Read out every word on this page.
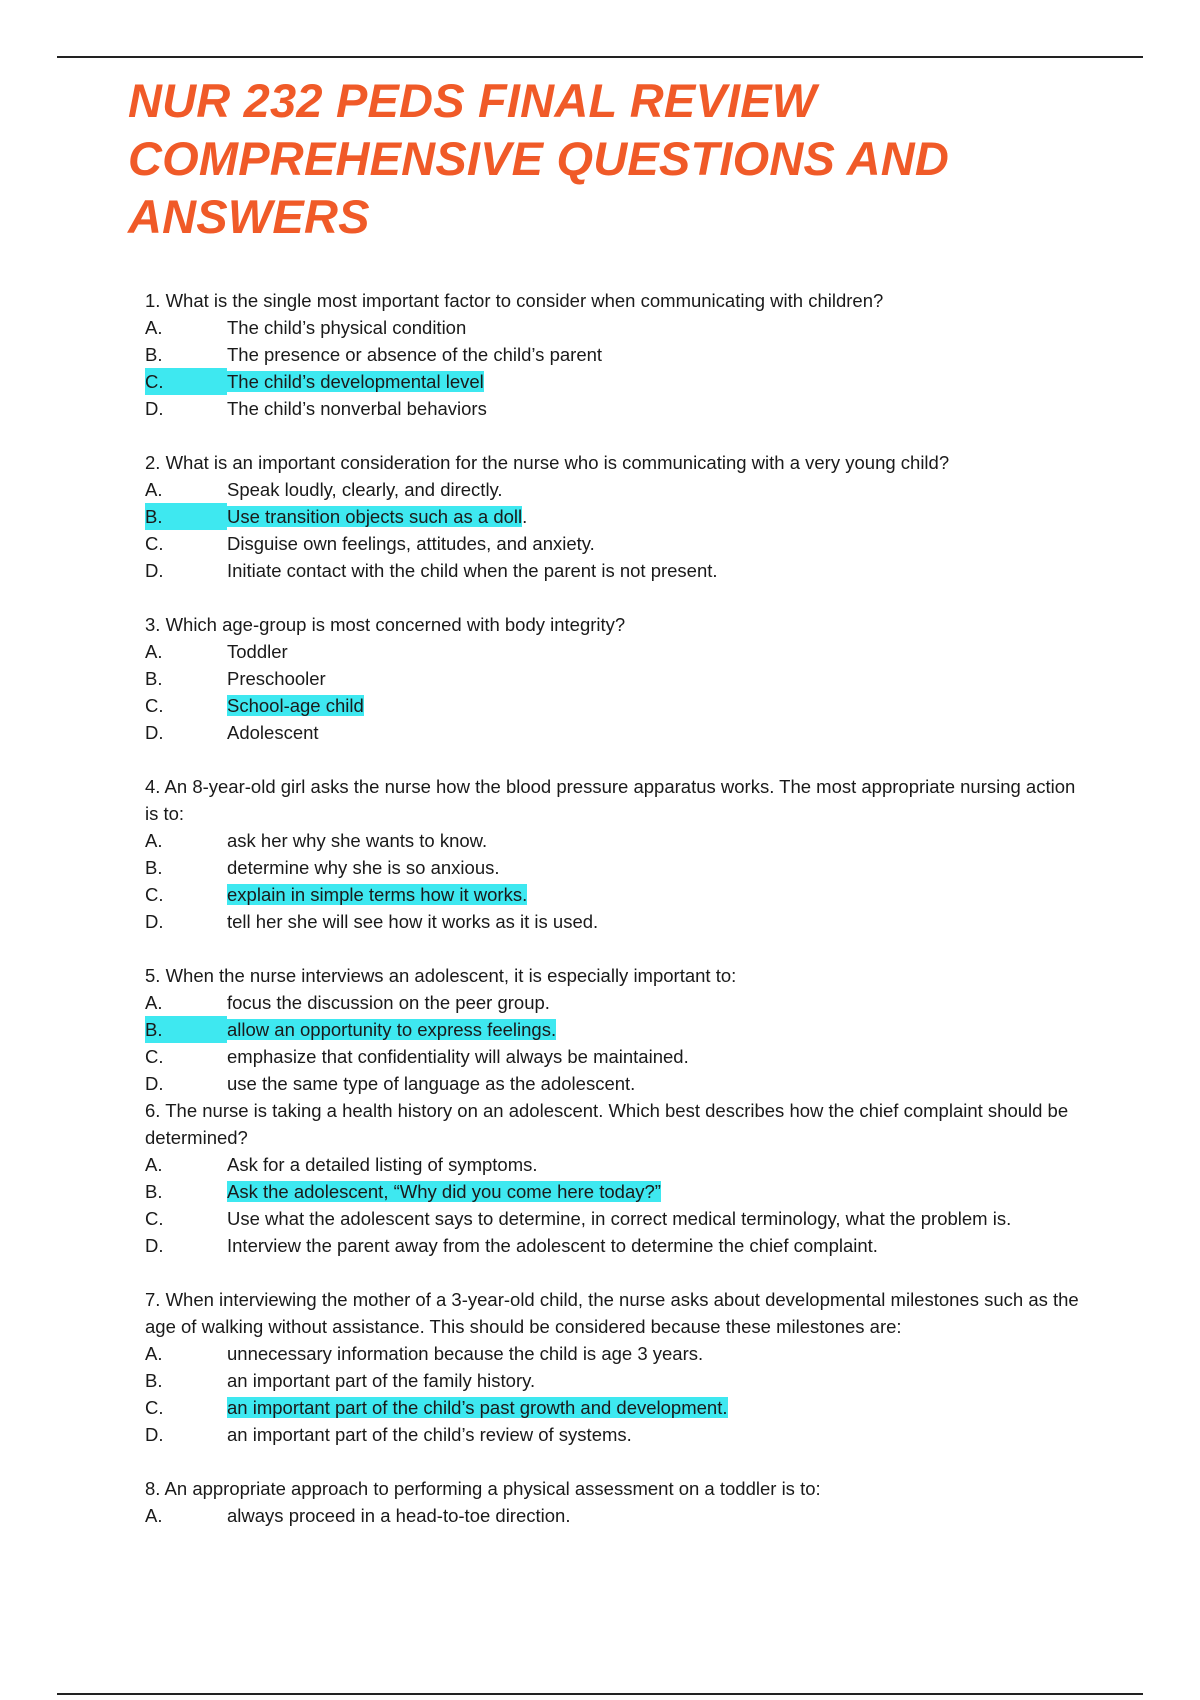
NUR 232 PEDS FINAL REVIEW
COMPREHENSIVE QUESTIONS AND
ANSWERS

1. What is the single most important factor to consider when communicating with children?

A.	The child’s physical condition

B.	The presence or absence of the child’s parent

C.	The child’s developmental level

D.	The child’s nonverbal behaviors

2. What is an important consideration for the nurse who is communicating with a very young child?

A.	Speak loudly, clearly, and directly.

B.	Use transition objects such as a doll.

C.	Disguise own feelings, attitudes, and anxiety.

D.	Initiate contact with the child when the parent is not present.

3. Which age-group is most concerned with body integrity?

A.	Toddler

B.	Preschooler

C.	School-age child

D.	Adolescent

4. An 8-year-old girl asks the nurse how the blood pressure apparatus works. The most appropriate nursing action is to:

A.	ask her why she wants to know.

B.	determine why she is so anxious.

C.	explain in simple terms how it works.

D.	tell her she will see how it works as it is used.

5. When the nurse interviews an adolescent, it is especially important to:

A.	focus the discussion on the peer group.

B.	allow an opportunity to express feelings.

C.	emphasize that confidentiality will always be maintained.

D.	use the same type of language as the adolescent.

6. The nurse is taking a health history on an adolescent. Which best describes how the chief complaint should be determined?

A.	Ask for a detailed listing of symptoms.

B.	Ask the adolescent, “Why did you come here today?”

C.	Use what the adolescent says to determine, in correct medical terminology, what the problem is.

D.	Interview the parent away from the adolescent to determine the chief complaint.

7. When interviewing the mother of a 3-year-old child, the nurse asks about developmental milestones such as the age of walking without assistance. This should be considered because these milestones are:

A.	unnecessary information because the child is age 3 years.

B.	an important part of the family history.

C.	an important part of the child’s past growth and development.

D.	an important part of the child’s review of systems.

8. An appropriate approach to performing a physical assessment on a toddler is to:

A.	always proceed in a head-to-toe direction.
